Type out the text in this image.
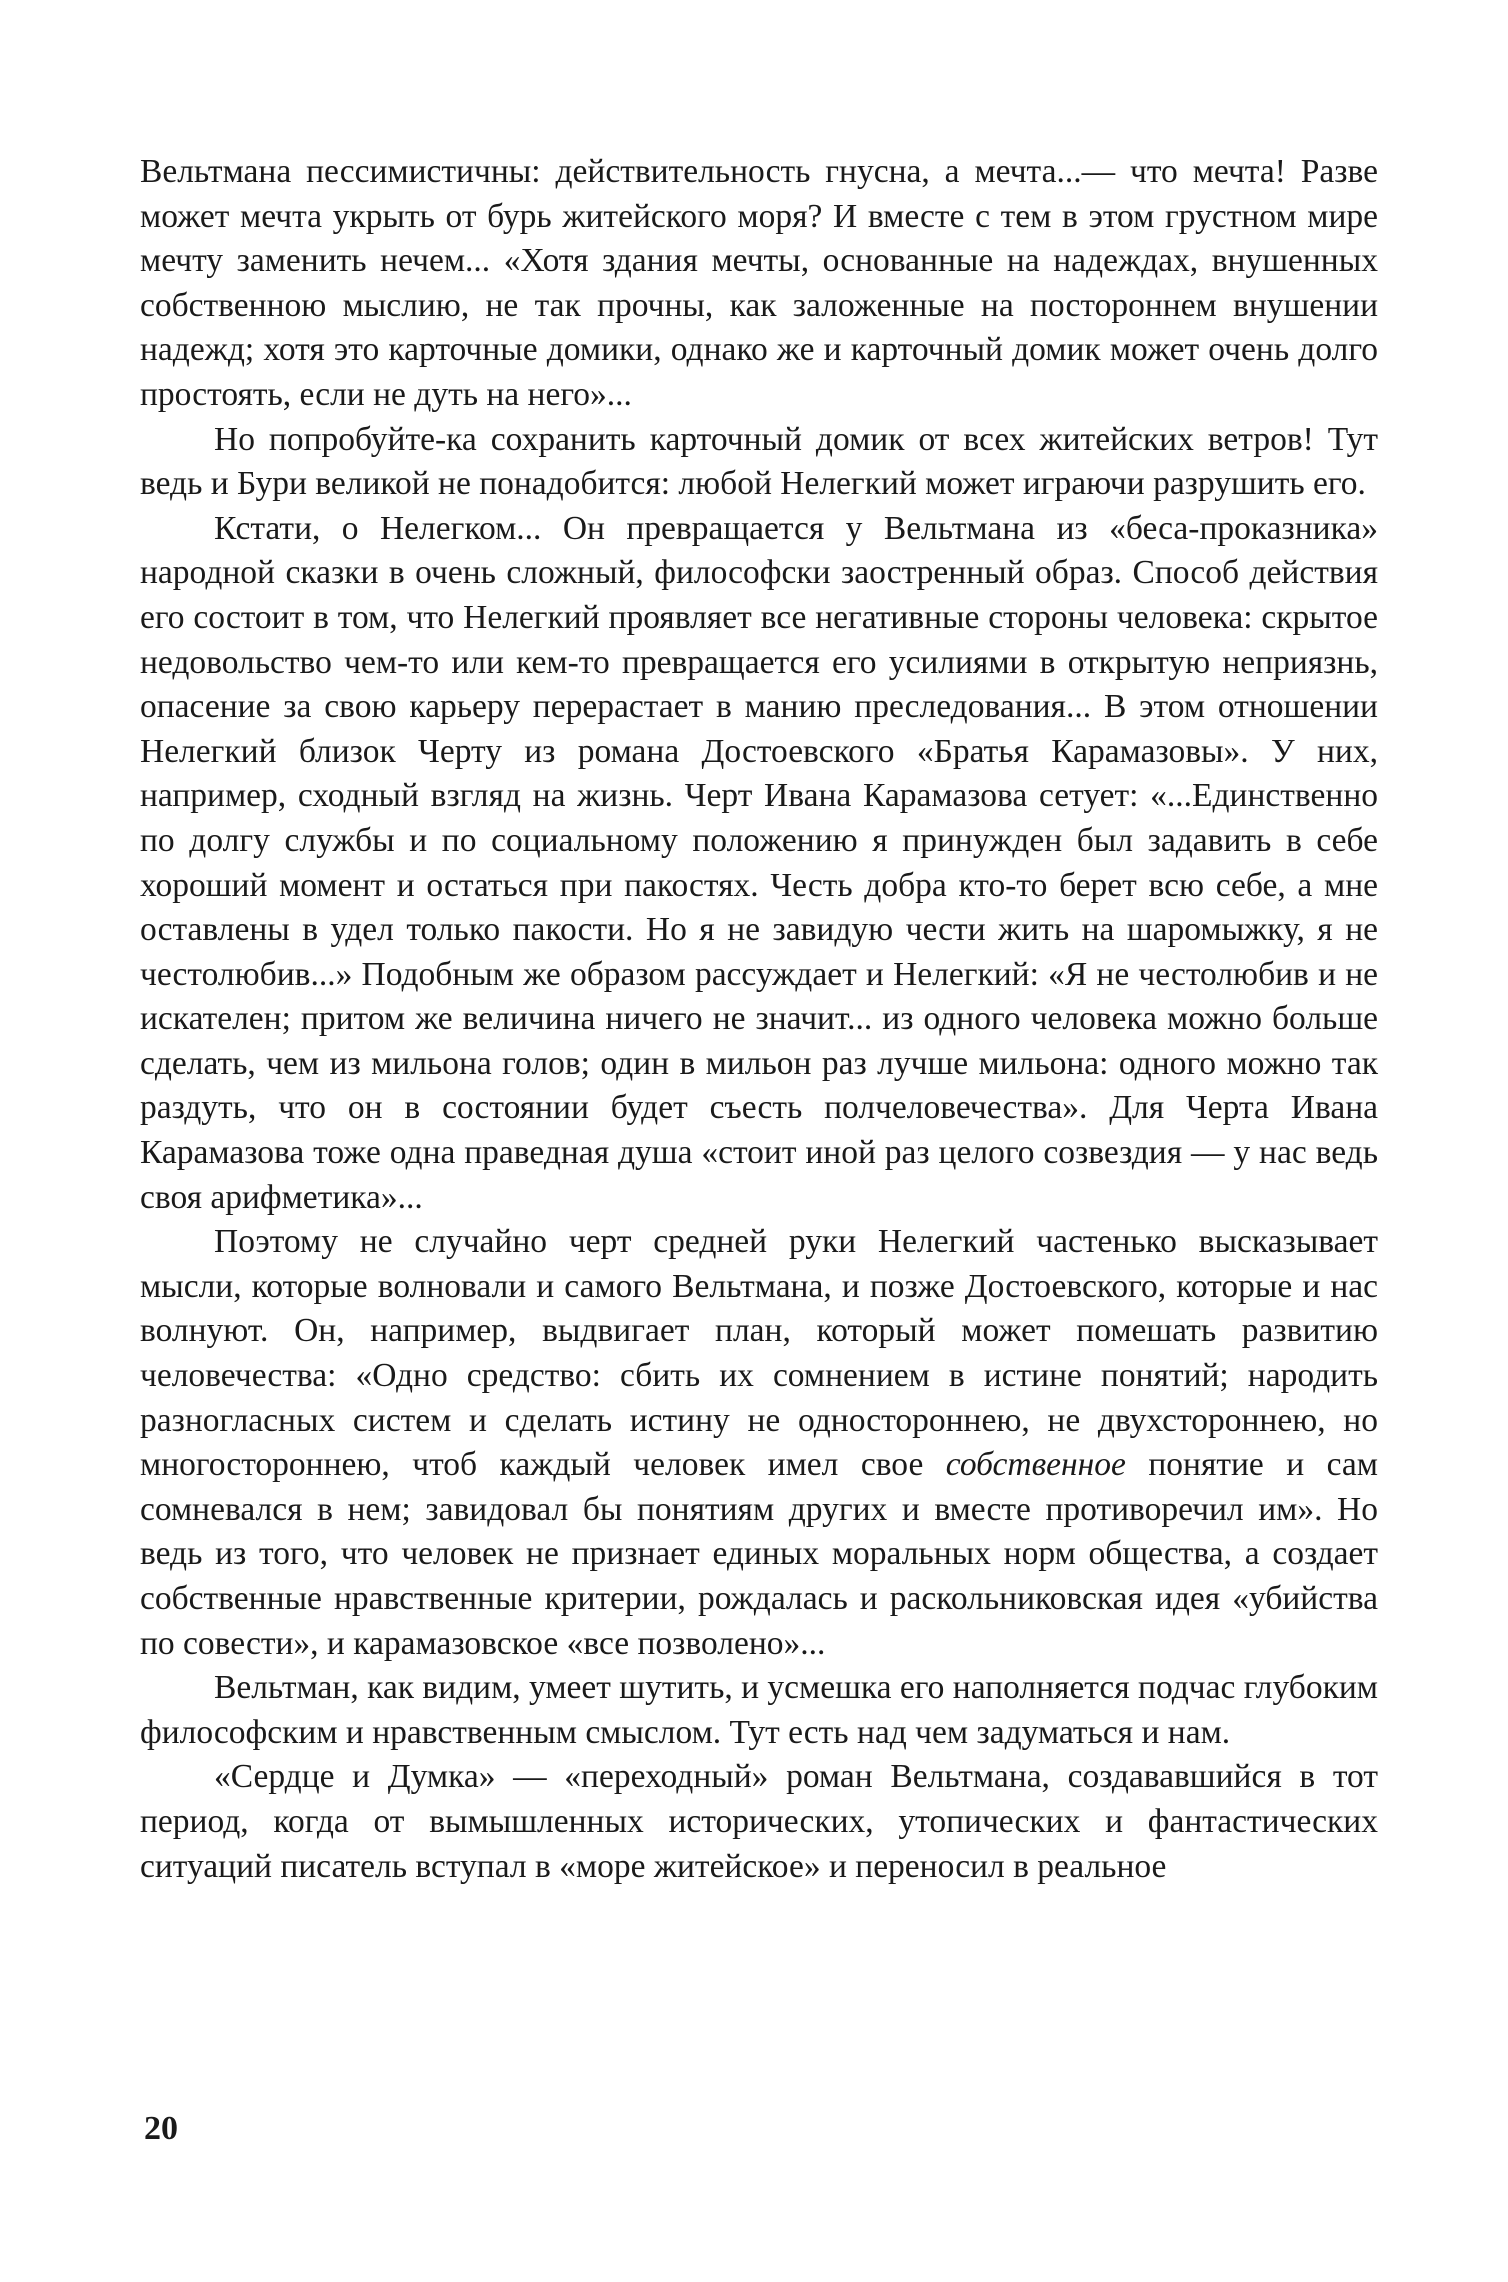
Вельтмана пессимистичны: действительность гнусна, а мечта...— что мечта! Разве может мечта укрыть от бурь житейского моря? И вместе с тем в этом грустном мире мечту заменить нечем... «Хотя здания мечты, основанные на надеждах, внушенных собственною мыслию, не так прочны, как заложенные на постороннем внушении надежд; хотя это карточные домики, однако же и карточный домик может очень долго простоять, если не дуть на него»...

Но попробуйте-ка сохранить карточный домик от всех житейских ветров! Тут ведь и Бури великой не понадобится: любой Нелегкий может играючи разрушить его.

Кстати, о Нелегком... Он превращается у Вельтмана из «беса-проказника» народной сказки в очень сложный, философски заостренный образ. Способ действия его состоит в том, что Нелегкий проявляет все негативные стороны человека: скрытое недовольство чем-то или кем-то превращается его усилиями в открытую неприязнь, опасение за свою карьеру перерастает в манию преследования... В этом отношении Нелегкий близок Черту из романа Достоевского «Братья Карамазовы». У них, например, сходный взгляд на жизнь. Черт Ивана Карамазова сетует: «...Единственно по долгу службы и по социальному положению я принужден был задавить в себе хороший момент и остаться при пакостях. Честь добра кто-то берет всю себе, а мне оставлены в удел только пакости. Но я не завидую чести жить на шаромыжку, я не честолюбив...» Подобным же образом рассуждает и Нелегкий: «Я не честолюбив и не искателен; притом же величина ничего не значит... из одного человека можно больше сделать, чем из мильона голов; один в мильон раз лучше мильона: одного можно так раздуть, что он в состоянии будет съесть полчеловечества». Для Черта Ивана Карамазова тоже одна праведная душа «стоит иной раз целого созвездия — у нас ведь своя арифметика»...

Поэтому не случайно черт средней руки Нелегкий частенько высказывает мысли, которые волновали и самого Вельтмана, и позже Достоевского, которые и нас волнуют. Он, например, выдвигает план, который может помешать развитию человечества: «Одно средство: сбить их сомнением в истине понятий; народить разногласных систем и сделать истину не одностороннею, не двухстороннею, но многостороннею, чтоб каждый человек имел свое собственное понятие и сам сомневался в нем; завидовал бы понятиям других и вместе противоречил им». Но ведь из того, что человек не признает единых моральных норм общества, а создает собственные нравственные критерии, рождалась и раскольниковская идея «убийства по совести», и карамазовское «все позволено»...

Вельтман, как видим, умеет шутить, и усмешка его наполняется подчас глубоким философским и нравственным смыслом. Тут есть над чем задуматься и нам.

«Сердце и Думка» — «переходный» роман Вельтмана, создававшийся в тот период, когда от вымышленных исторических, утопических и фантастических ситуаций писатель вступал в «море житейское» и переносил в реальное

20
